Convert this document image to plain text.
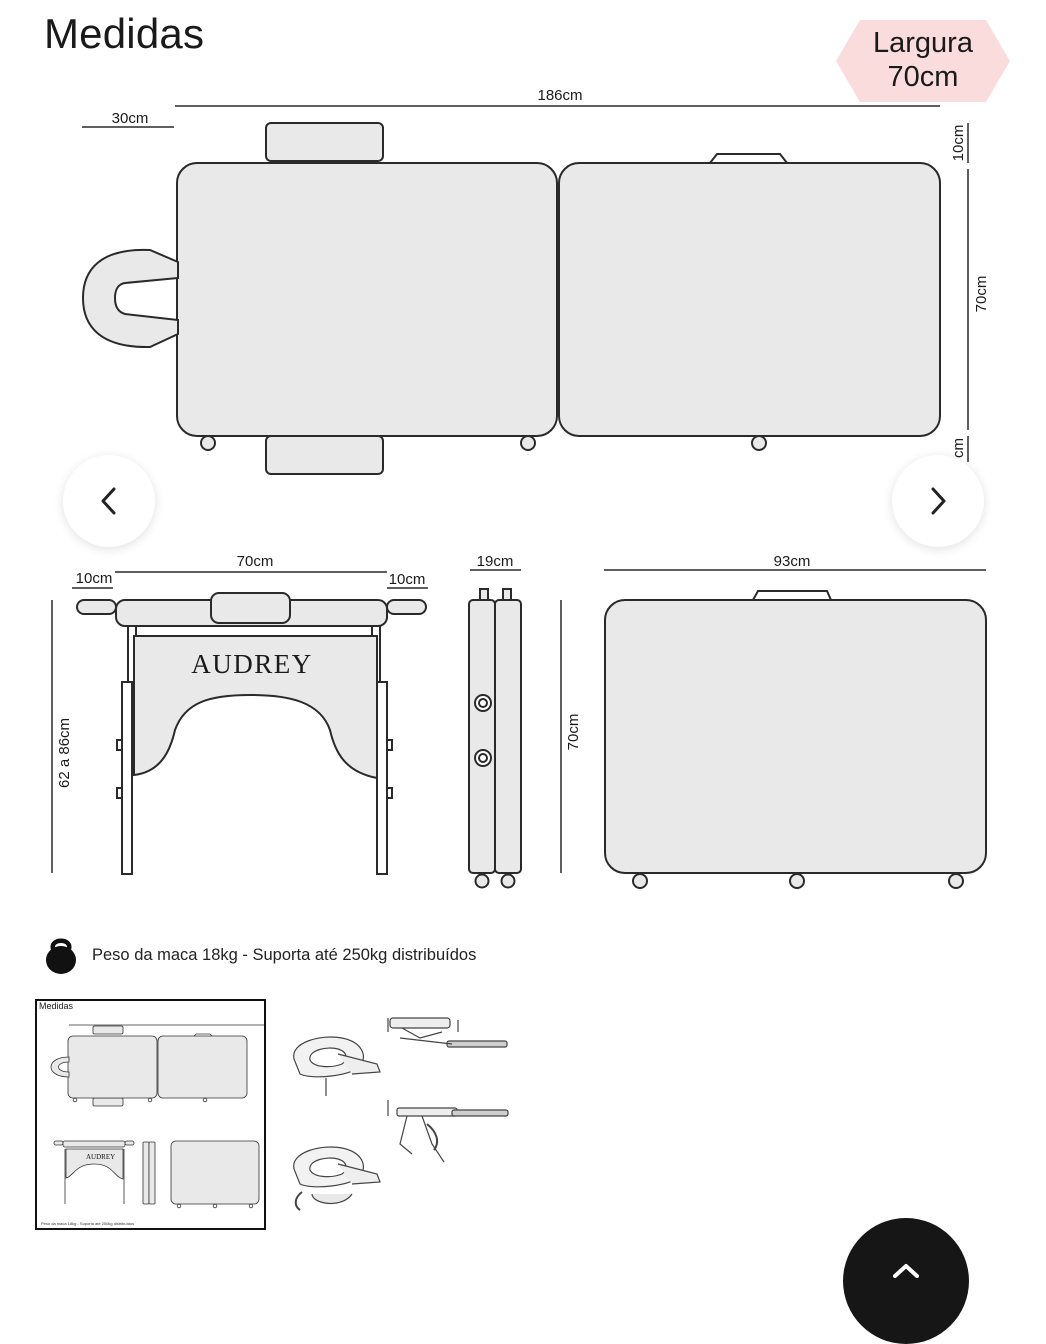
Medidas	Largura
70cm
186cm
30cm
10cm
70cm
cm
70cm
10cm	10cm
62 a 86cm
19cm
70cm
93cm
AUDREY
Peso da maca 18kg - Suporta até 250kg distribuídos
Medidas
AUDREY
Peso da maca 18kg - Suporta até 250kg distribuídos
